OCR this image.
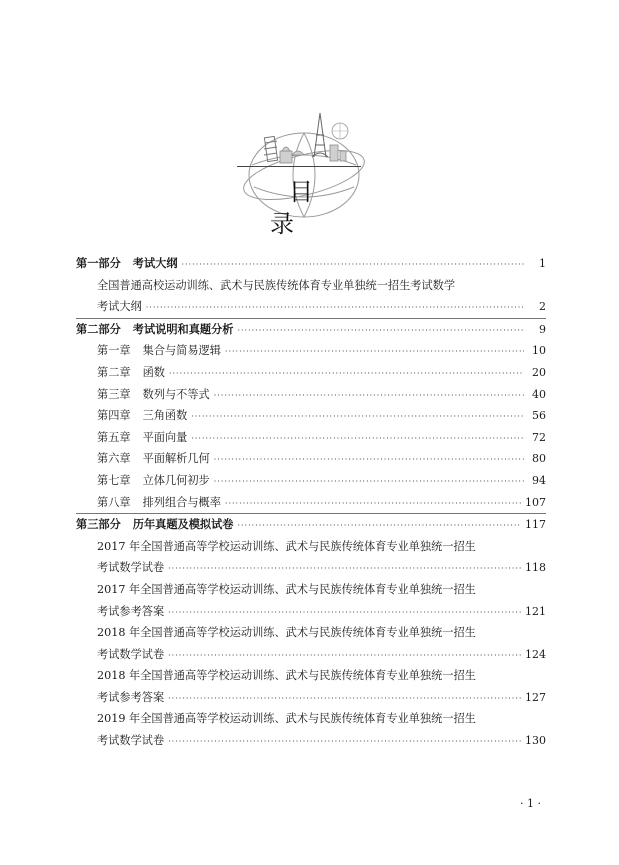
目　录
第一部分 考试大纲 ·····	1
全国普通高校运动训练、武术与民族传统体育专业单独统一招生考试数学
考试大纲 ·····	2
第二部分 考试说明和真题分析 ·····	9
第一章 集合与简易逻辑 ·····	10
第二章 函数 ·····	20
第三章 数列与不等式 ·····	40
第四章 三角函数 ·····	56
第五章 平面向量 ·····	72
第六章 平面解析几何 ·····	80
第七章 立体几何初步 ·····	94
第八章 排列组合与概率 ·····	107
第三部分 历年真题及模拟试卷 ·····	117
2017 年全国普通高等学校运动训练、武术与民族传统体育专业单独统一招生
考试数学试卷 ·····	118
2017 年全国普通高等学校运动训练、武术与民族传统体育专业单独统一招生
考试参考答案 ·····	121
2018 年全国普通高等学校运动训练、武术与民族传统体育专业单独统一招生
考试数学试卷 ·····	124
2018 年全国普通高等学校运动训练、武术与民族传统体育专业单独统一招生
考试参考答案 ·····	127
2019 年全国普通高等学校运动训练、武术与民族传统体育专业单独统一招生
考试数学试卷 ·····	130
· 1 ·
